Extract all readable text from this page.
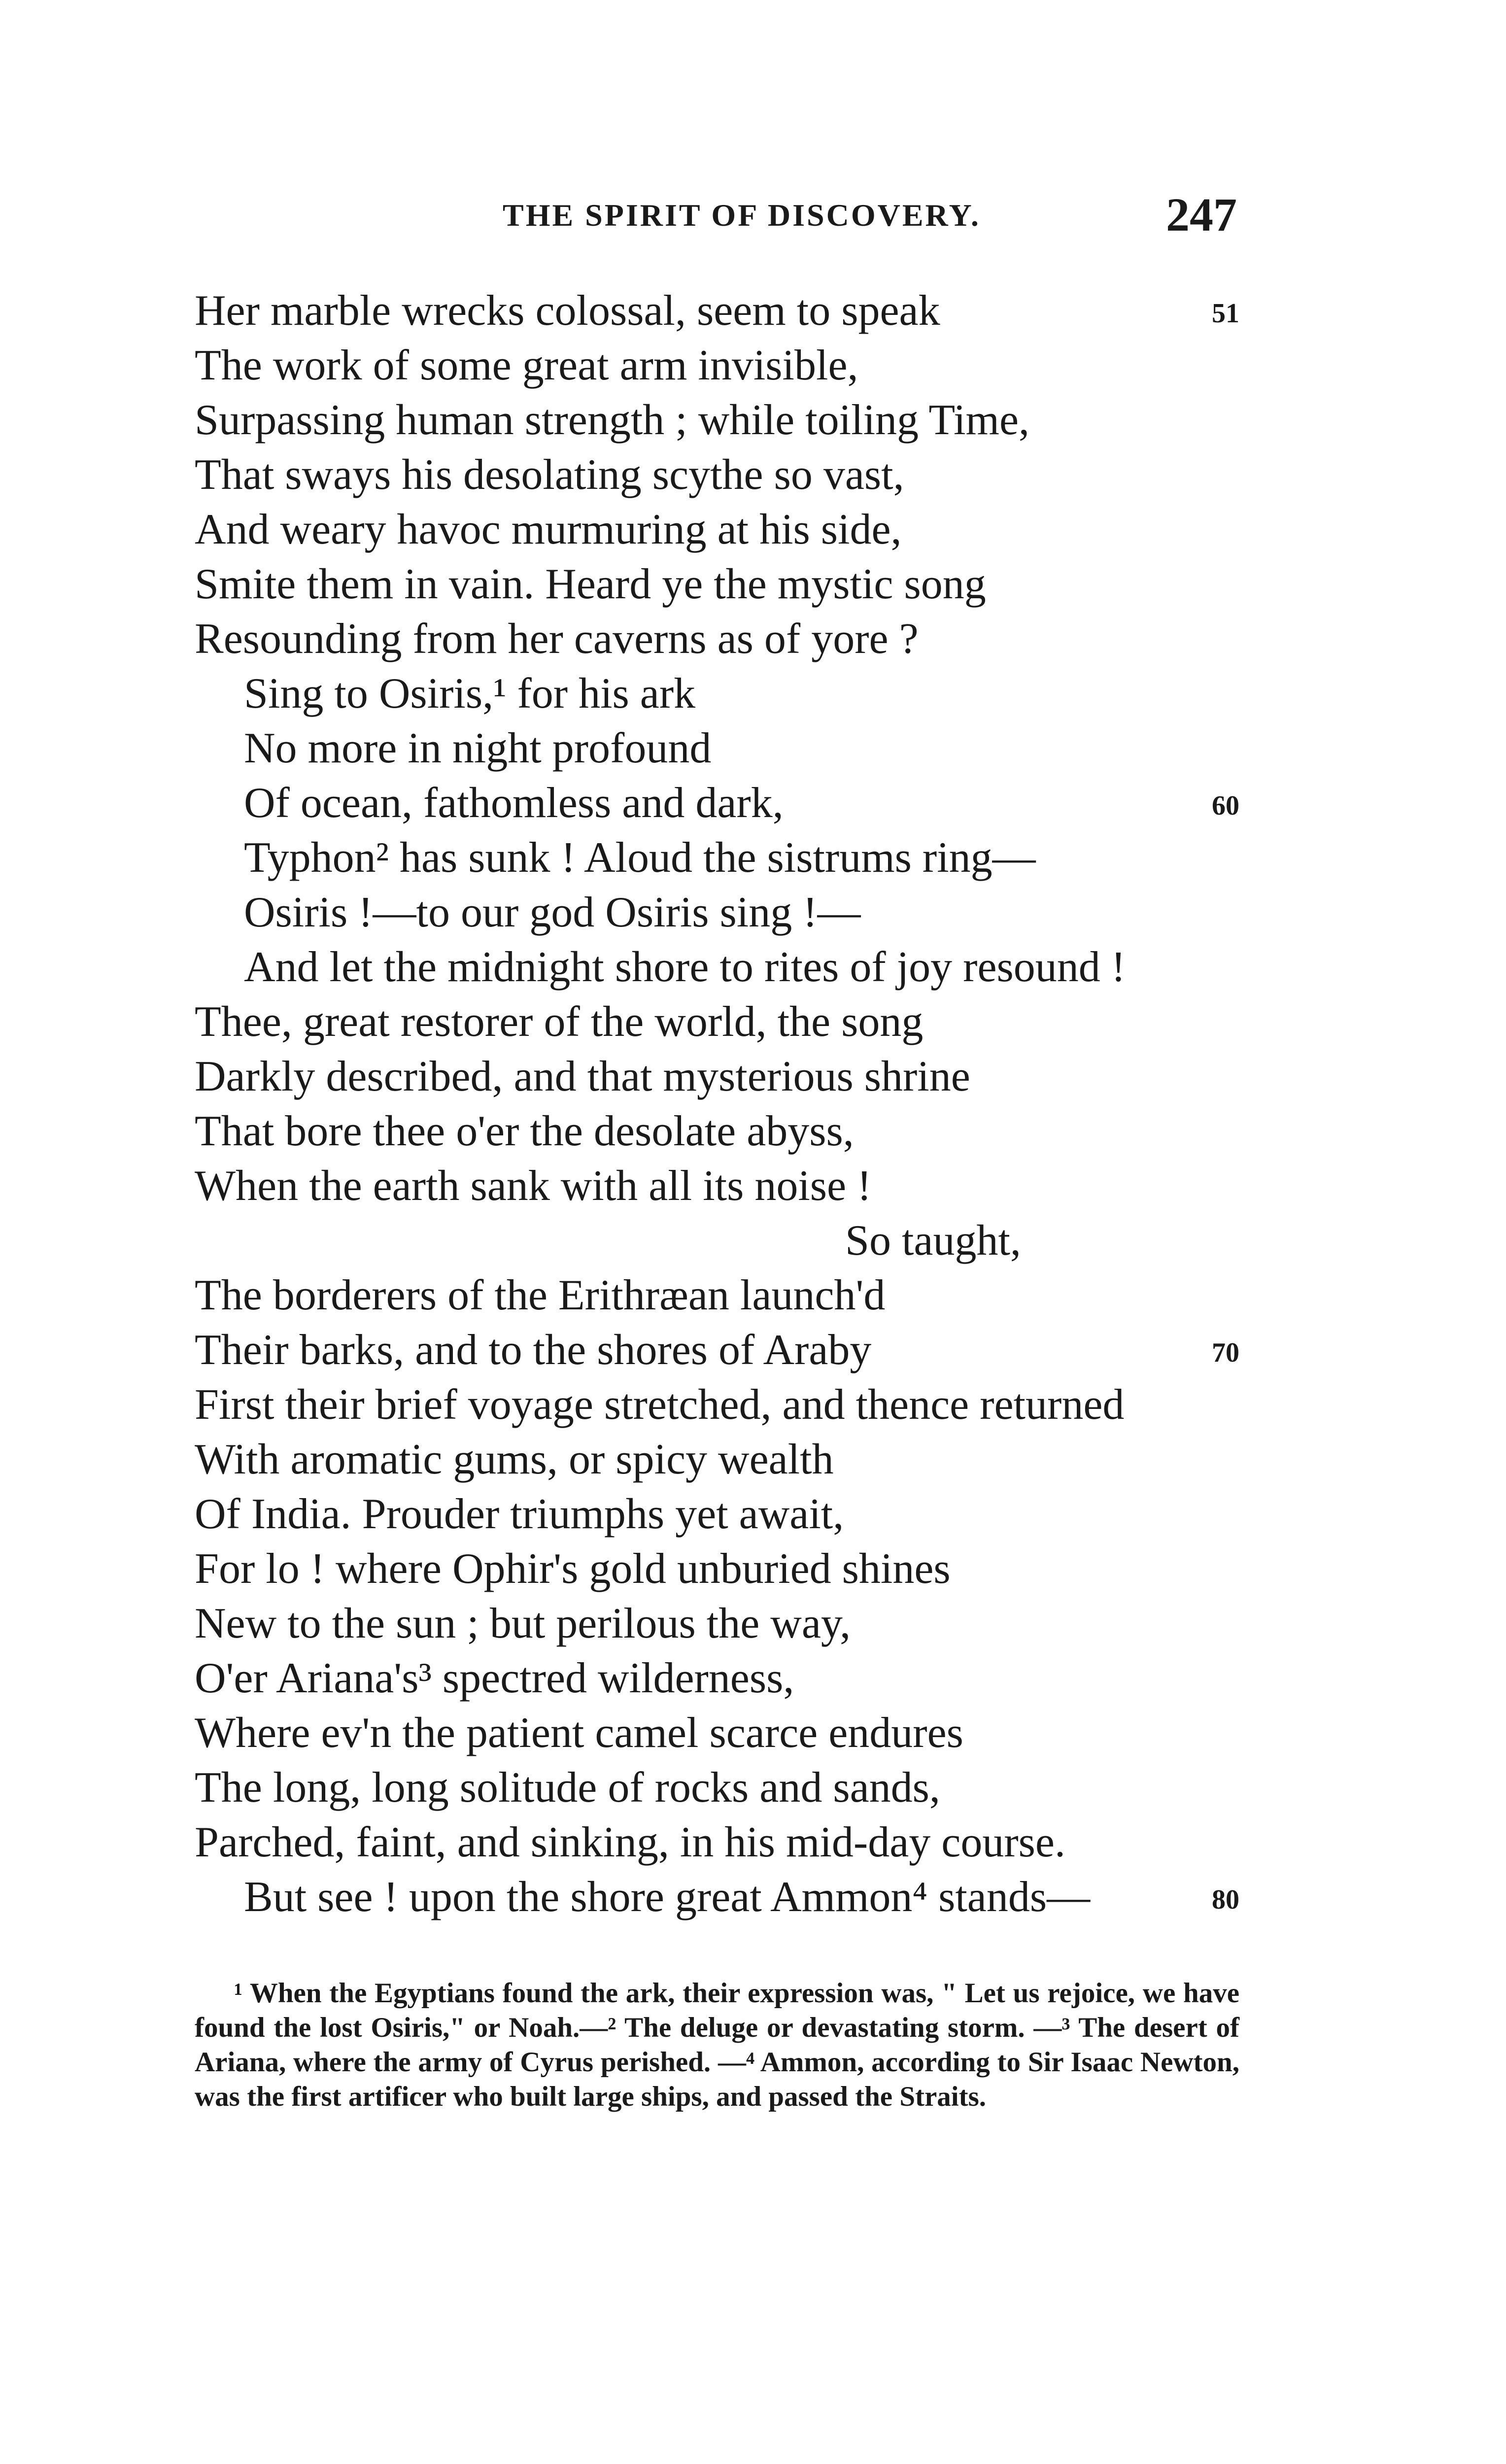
THE SPIRIT OF DISCOVERY.	247
Her marble wrecks colossal, seem to speak	51
The work of some great arm invisible,
Surpassing human strength ; while toiling Time,
That sways his desolating scythe so vast,
And weary havoc murmuring at his side,
Smite them in vain. Heard ye the mystic song
Resounding from her caverns as of yore ?
Sing to Osiris,¹ for his ark
No more in night profound
Of ocean, fathomless and dark,	60
Typhon² has sunk ! Aloud the sistrums ring—
Osiris !—to our god Osiris sing !—
And let the midnight shore to rites of joy resound !
Thee, great restorer of the world, the song
Darkly described, and that mysterious shrine
That bore thee o'er the desolate abyss,
When the earth sank with all its noise !
So taught,
The borderers of the Erithræan launch'd
Their barks, and to the shores of Araby	70
First their brief voyage stretched, and thence returned
With aromatic gums, or spicy wealth
Of India. Prouder triumphs yet await,
For lo ! where Ophir's gold unburied shines
New to the sun ; but perilous the way,
O'er Ariana's³ spectred wilderness,
Where ev'n the patient camel scarce endures
The long, long solitude of rocks and sands,
Parched, faint, and sinking, in his mid-day course.
But see ! upon the shore great Ammon⁴ stands—	80

¹ When the Egyptians found the ark, their expression was, " Let us rejoice, we have found the lost Osiris," or Noah.—² The deluge or devastating storm. —³ The desert of Ariana, where the army of Cyrus perished. —⁴ Ammon, according to Sir Isaac Newton, was the first artificer who built large ships, and passed the Straits.
